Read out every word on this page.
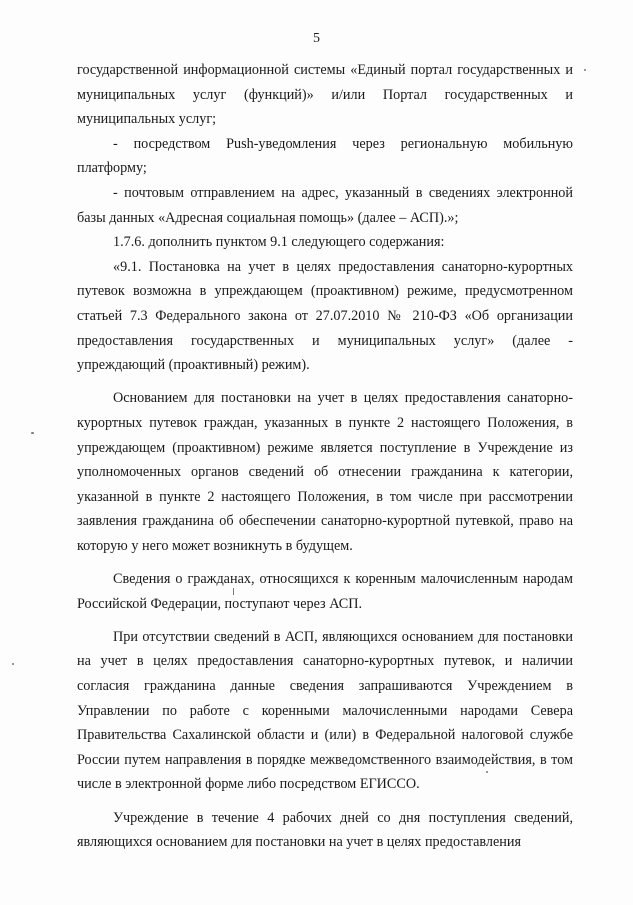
5

государственной информационной системы «Единый портал государственных и муниципальных услуг (функций)» и/или Портал государственных и муниципальных услуг;

- посредством Push-уведомления через региональную мобильную платформу;

- почтовым отправлением на адрес, указанный в сведениях электронной базы данных «Адресная социальная помощь» (далее – АСП).»;

1.7.6. дополнить пунктом 9.1 следующего содержания:

«9.1. Постановка на учет в целях предоставления санаторно-курортных путевок возможна в упреждающем (проактивном) режиме, предусмотренном статьей 7.3 Федерального закона от 27.07.2010 № 210-ФЗ «Об организации предоставления государственных и муниципальных услуг» (далее - упреждающий (проактивный) режим).

Основанием для постановки на учет в целях предоставления санаторно-курортных путевок граждан, указанных в пункте 2 настоящего Положения, в упреждающем (проактивном) режиме является поступление в Учреждение из уполномоченных органов сведений об отнесении гражданина к категории, указанной в пункте 2 настоящего Положения, в том числе при рассмотрении заявления гражданина об обеспечении санаторно-курортной путевкой, право на которую у него может возникнуть в будущем.

Сведения о гражданах, относящихся к коренным малочисленным народам Российской Федерации, поступают через АСП.

При отсутствии сведений в АСП, являющихся основанием для постановки на учет в целях предоставления санаторно-курортных путевок, и наличии согласия гражданина данные сведения запрашиваются Учреждением в Управлении по работе с коренными малочисленными народами Севера Правительства Сахалинской области и (или) в Федеральной налоговой службе России путем направления в порядке межведомственного взаимодействия, в том числе в электронной форме либо посредством ЕГИССО.

Учреждение в течение 4 рабочих дней со дня поступления сведений, являющихся основанием для постановки на учет в целях предоставления
